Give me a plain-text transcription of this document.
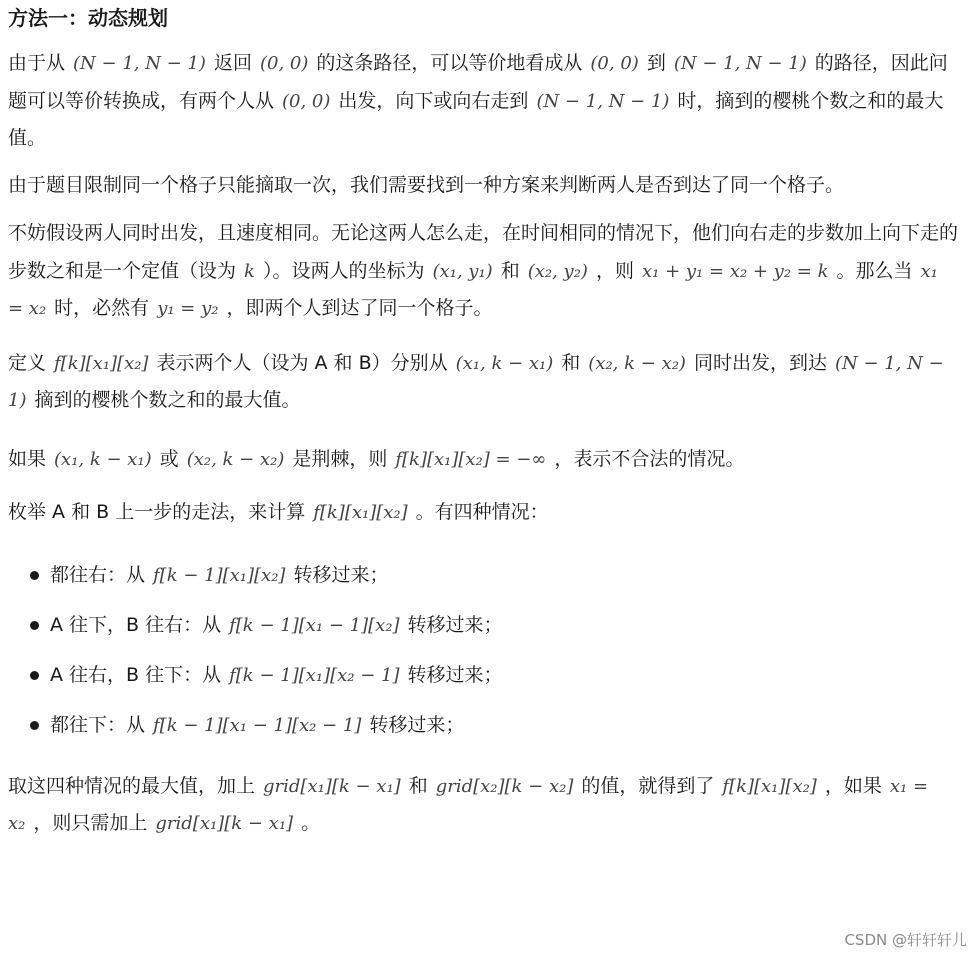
方法一：动态规划

由于从 (N − 1, N − 1) 返回 (0, 0) 的这条路径，可以等价地看成从 (0, 0) 到 (N − 1, N − 1) 的路径，因此问题可以等价转换成，有两个人从 (0, 0) 出发，向下或向右走到 (N − 1, N − 1) 时，摘到的樱桃个数之和的最大值。

由于题目限制同一个格子只能摘取一次，我们需要找到一种方案来判断两人是否到达了同一个格子。

不妨假设两人同时出发，且速度相同。无论这两人怎么走，在时间相同的情况下，他们向右走的步数加上向下走的步数之和是一个定值（设为 k ）。设两人的坐标为 (x₁, y₁) 和 (x₂, y₂) ，则 x₁ + y₁ = x₂ + y₂ = k 。那么当 x₁ = x₂ 时，必然有 y₁ = y₂ ，即两个人到达了同一个格子。

定义 f[k][x₁][x₂] 表示两个人（设为 A 和 B）分别从 (x₁, k − x₁) 和 (x₂, k − x₂) 同时出发，到达 (N − 1, N − 1) 摘到的樱桃个数之和的最大值。

如果 (x₁, k − x₁) 或 (x₂, k − x₂) 是荆棘，则 f[k][x₁][x₂] = −∞ ，表示不合法的情况。

枚举 A 和 B 上一步的走法，来计算 f[k][x₁][x₂] 。有四种情况：

都往右：从 f[k − 1][x₁][x₂] 转移过来；
A 往下，B 往右：从 f[k − 1][x₁ − 1][x₂] 转移过来；
A 往右，B 往下：从 f[k − 1][x₁][x₂ − 1] 转移过来；
都往下：从 f[k − 1][x₁ − 1][x₂ − 1] 转移过来；

取这四种情况的最大值，加上 grid[x₁][k − x₁] 和 grid[x₂][k − x₂] 的值，就得到了 f[k][x₁][x₂] ，如果 x₁ = x₂ ，则只需加上 grid[x₁][k − x₁] 。

CSDN @轩轩轩儿
